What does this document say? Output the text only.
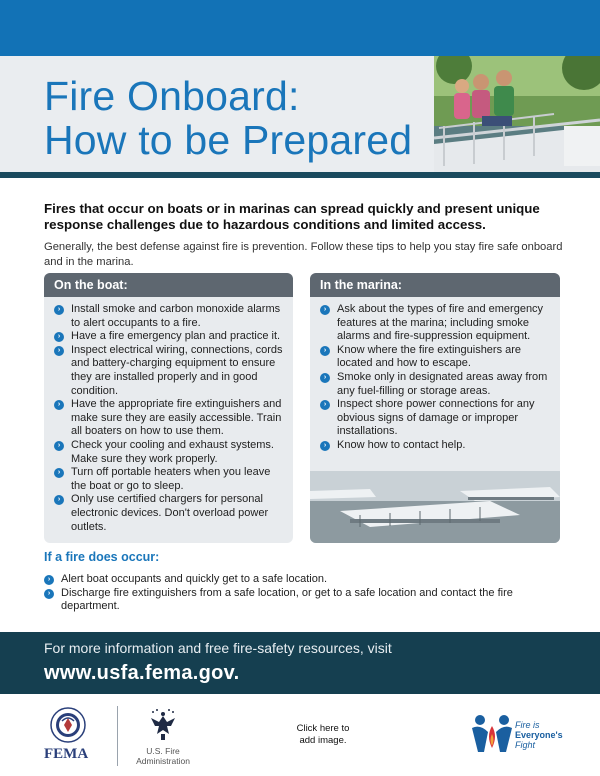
Fire Onboard:
How to be Prepared

Fires that occur on boats or in marinas can spread quickly and present unique response challenges due to hazardous conditions and limited access.

Generally, the best defense against fire is prevention. Follow these tips to help you stay fire safe onboard and in the marina.

On the boat:
› Install smoke and carbon monoxide alarms to alert occupants to a fire.
› Have a fire emergency plan and practice it.
› Inspect electrical wiring, connections, cords and battery-charging equipment to ensure they are installed properly and in good condition.
› Have the appropriate fire extinguishers and make sure they are easily accessible. Train all boaters on how to use them.
› Check your cooling and exhaust systems. Make sure they work properly.
› Turn off portable heaters when you leave the boat or go to sleep.
› Only use certified chargers for personal electronic devices. Don't overload power outlets.
In the marina:
› Ask about the types of fire and emergency features at the marina; including smoke alarms and fire-suppression equipment.
› Know where the fire extinguishers are located and how to escape.
› Smoke only in designated areas away from any fuel-filling or storage areas.
› Inspect shore power connections for any obvious signs of damage or improper installations.
› Know how to contact help.
If a fire does occur:
› Alert boat occupants and quickly get to a safe location.
› Discharge fire extinguishers from a safe location, or get to a safe location and contact the fire department.
For more information and free fire-safety resources, visit
www.usfa.fema.gov.
FEMA	U.S. Fire
Administration
Click here to add image.
Fire is
Everyone's
Fight
